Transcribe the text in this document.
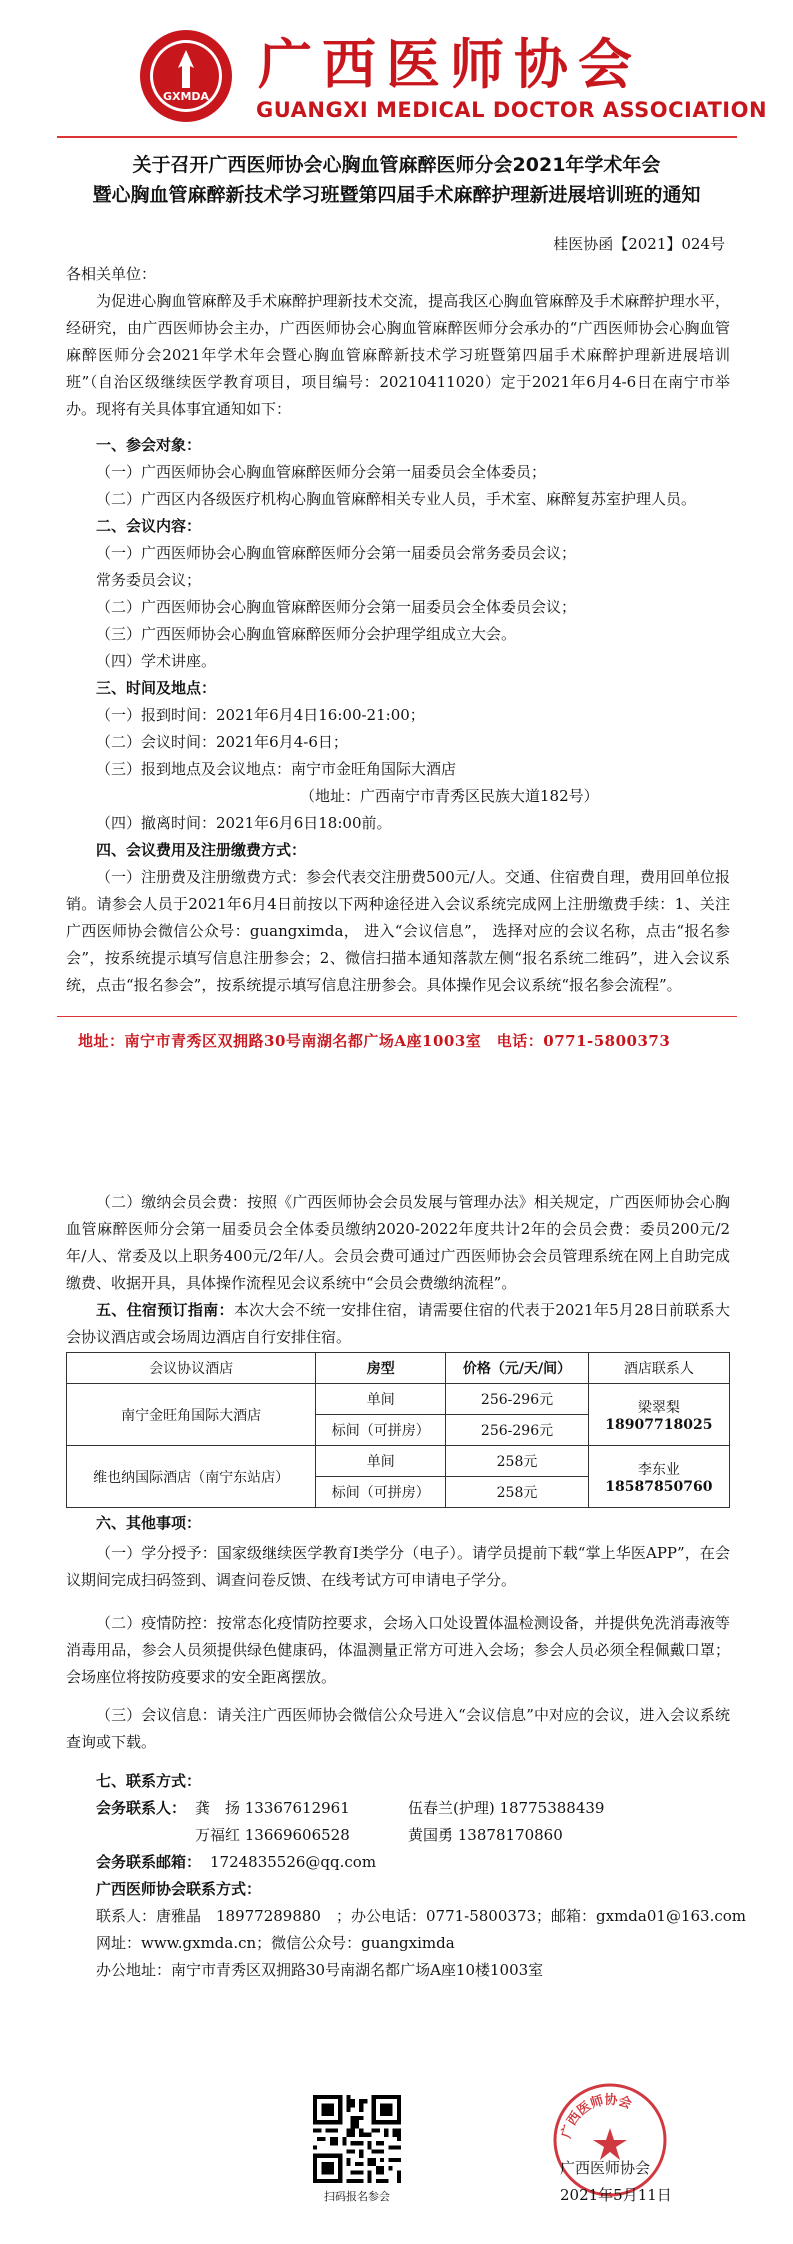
GXMDA
广西医师协会
GUANGXI MEDICAL DOCTOR ASSOCIATION
关于召开广西医师协会心胸血管麻醉医师分会2021年学术年会
暨心胸血管麻醉新技术学习班暨第四届手术麻醉护理新进展培训班的通知
桂医协函【2021】024号
各相关单位：
为促进心胸血管麻醉及手术麻醉护理新技术交流，提高我区心胸血管麻醉及手术麻醉护理水平，经研究，由广西医师协会主办，广西医师协会心胸血管麻醉医师分会承办的“广西医师协会心胸血管麻醉医师分会2021年学术年会暨心胸血管麻醉新技术学习班暨第四届手术麻醉护理新进展培训班”（自治区级继续医学教育项目，项目编号：20210411020）定于2021年6月4-6日在南宁市举办。现将有关具体事宜通知如下：
一、参会对象：
（一）广西医师协会心胸血管麻醉医师分会第一届委员会全体委员；
（二）广西区内各级医疗机构心胸血管麻醉相关专业人员，手术室、麻醉复苏室护理人员。
二、会议内容：
（一）广西医师协会心胸血管麻醉医师分会第一届委员会常务委员会议；
常务委员会议；
（二）广西医师协会心胸血管麻醉医师分会第一届委员会全体委员会议；
（三）广西医师协会心胸血管麻醉医师分会护理学组成立大会。
（四）学术讲座。
三、时间及地点：
（一）报到时间：2021年6月4日16:00-21:00；
（二）会议时间：2021年6月4-6日；
（三）报到地点及会议地点：南宁市金旺角国际大酒店
（地址：广西南宁市青秀区民族大道182号）
（四）撤离时间：2021年6月6日18:00前。
四、会议费用及注册缴费方式：
（一）注册费及注册缴费方式：参会代表交注册费500元/人。交通、住宿费自理，费用回单位报销。请参会人员于2021年6月4日前按以下两种途径进入会议系统完成网上注册缴费手续：1、关注广西医师协会微信公众号：guangximda， 进入“会议信息”， 选择对应的会议名称，点击“报名参会”，按系统提示填写信息注册参会；2、微信扫描本通知落款左侧“报名系统二维码”，进入会议系统，点击“报名参会”，按系统提示填写信息注册参会。具体操作见会议系统“报名参会流程”。
地址：南宁市青秀区双拥路30号南湖名都广场A座1003室　电话：0771-5800373
（二）缴纳会员会费：按照《广西医师协会会员发展与管理办法》相关规定，广西医师协会心胸血管麻醉医师分会第一届委员会全体委员缴纳2020-2022年度共计2年的会员会费：委员200元/2年/人、常委及以上职务400元/2年/人。会员会费可通过广西医师协会会员管理系统在网上自助完成缴费、收据开具，具体操作流程见会议系统中“会员会费缴纳流程”。
五、住宿预订指南：本次大会不统一安排住宿，请需要住宿的代表于2021年5月28日前联系大会协议酒店或会场周边酒店自行安排住宿。
会议协议酒店	房型	价格（元/天/间）	酒店联系人
南宁金旺角国际大酒店	单间	256-296元	梁翠梨
18907718025

	标间（可拼房）	256-296元	
维也纳国际酒店（南宁东站店）	单间	258元	李东业
18587850760

	标间（可拼房）	258元	
六、其他事项：
（一）学分授予：国家级继续医学教育Ⅰ类学分（电子）。请学员提前下载“掌上华医APP”，在会议期间完成扫码签到、调查问卷反馈、在线考试方可申请电子学分。
（二）疫情防控：按常态化疫情防控要求，会场入口处设置体温检测设备，并提供免洗消毒液等消毒用品，参会人员须提供绿色健康码，体温测量正常方可进入会场；参会人员必须全程佩戴口罩；会场座位将按防疫要求的安全距离摆放。
（三）会议信息：请关注广西医师协会微信公众号进入“会议信息”中对应的会议，进入会议系统查询或下载。
七、联系方式：
会务联系人： 龚　扬 13367612961	伍春兰(护理) 18775388439
万福红 13669606528	黄国勇 13878170860
会务联系邮箱： 1724835526@qq.com
广西医师协会联系方式：
联系人：唐雅晶　18977289880　；办公电话：0771-5800373；邮箱：gxmda01@163.com
网址：www.gxmda.cn；微信公众号：guangximda
办公地址：南宁市青秀区双拥路30号南湖名都广场A座10楼1003室
扫码报名参会
广西医师协会
广西医师协会
2021年5月11日
